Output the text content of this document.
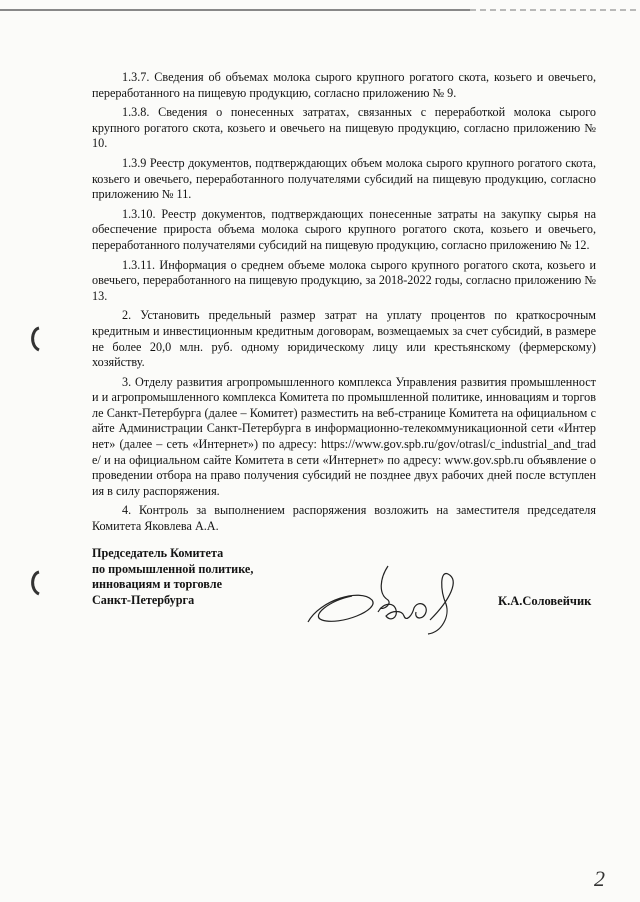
1.3.7. Сведения об объемах молока сырого крупного рогатого скота, козьего и овечьего, переработанного на пищевую продукцию, согласно приложению № 9.

1.3.8. Сведения о понесенных затратах, связанных с переработкой молока сырого крупного рогатого скота, козьего и овечьего на пищевую продукцию, согласно приложению № 10.

1.3.9 Реестр документов, подтверждающих объем молока сырого крупного рогатого скота, козьего и овечьего, переработанного получателями субсидий на пищевую продукцию, согласно приложению № 11.

1.3.10. Реестр документов, подтверждающих понесенные затраты на закупку сырья на обеспечение прироста объема молока сырого крупного рогатого скота, козьего и овечьего, переработанного получателями субсидий на пищевую продукцию, согласно приложению № 12.

1.3.11. Информация о среднем объеме молока сырого крупного рогатого скота, козьего и овечьего, переработанного на пищевую продукцию, за 2018-2022 годы, согласно приложению № 13.

2. Установить предельный размер затрат на уплату процентов по краткосрочным кредитным и инвестиционным кредитным договорам, возмещаемых за счет субсидий, в размере не более 20,0 млн. руб. одному юридическому лицу или крестьянскому (фермерскому) хозяйству.

3. Отделу развития агропромышленного комплекса Управления развития промышленности и агропромышленного комплекса Комитета по промышленной политике, инновациям и торговле Санкт-Петербурга (далее – Комитет) разместить на веб-странице Комитета на официальном сайте Администрации Санкт-Петербурга в информационно-телекоммуникационной сети «Интернет» (далее – сеть «Интернет») по адресу: https://www.gov.spb.ru/gov/otrasl/c_industrial_and_trade/ и на официальном сайте Комитета в сети «Интернет» по адресу: www.gov.spb.ru объявление о проведении отбора на право получения субсидий не позднее двух рабочих дней после вступления в силу распоряжения.

4. Контроль за выполнением распоряжения возложить на заместителя председателя Комитета Яковлева А.А.

Председатель Комитета
по промышленной политике,
инновациям и торговле
Санкт-Петербурга	К.А.Соловейчик
2
